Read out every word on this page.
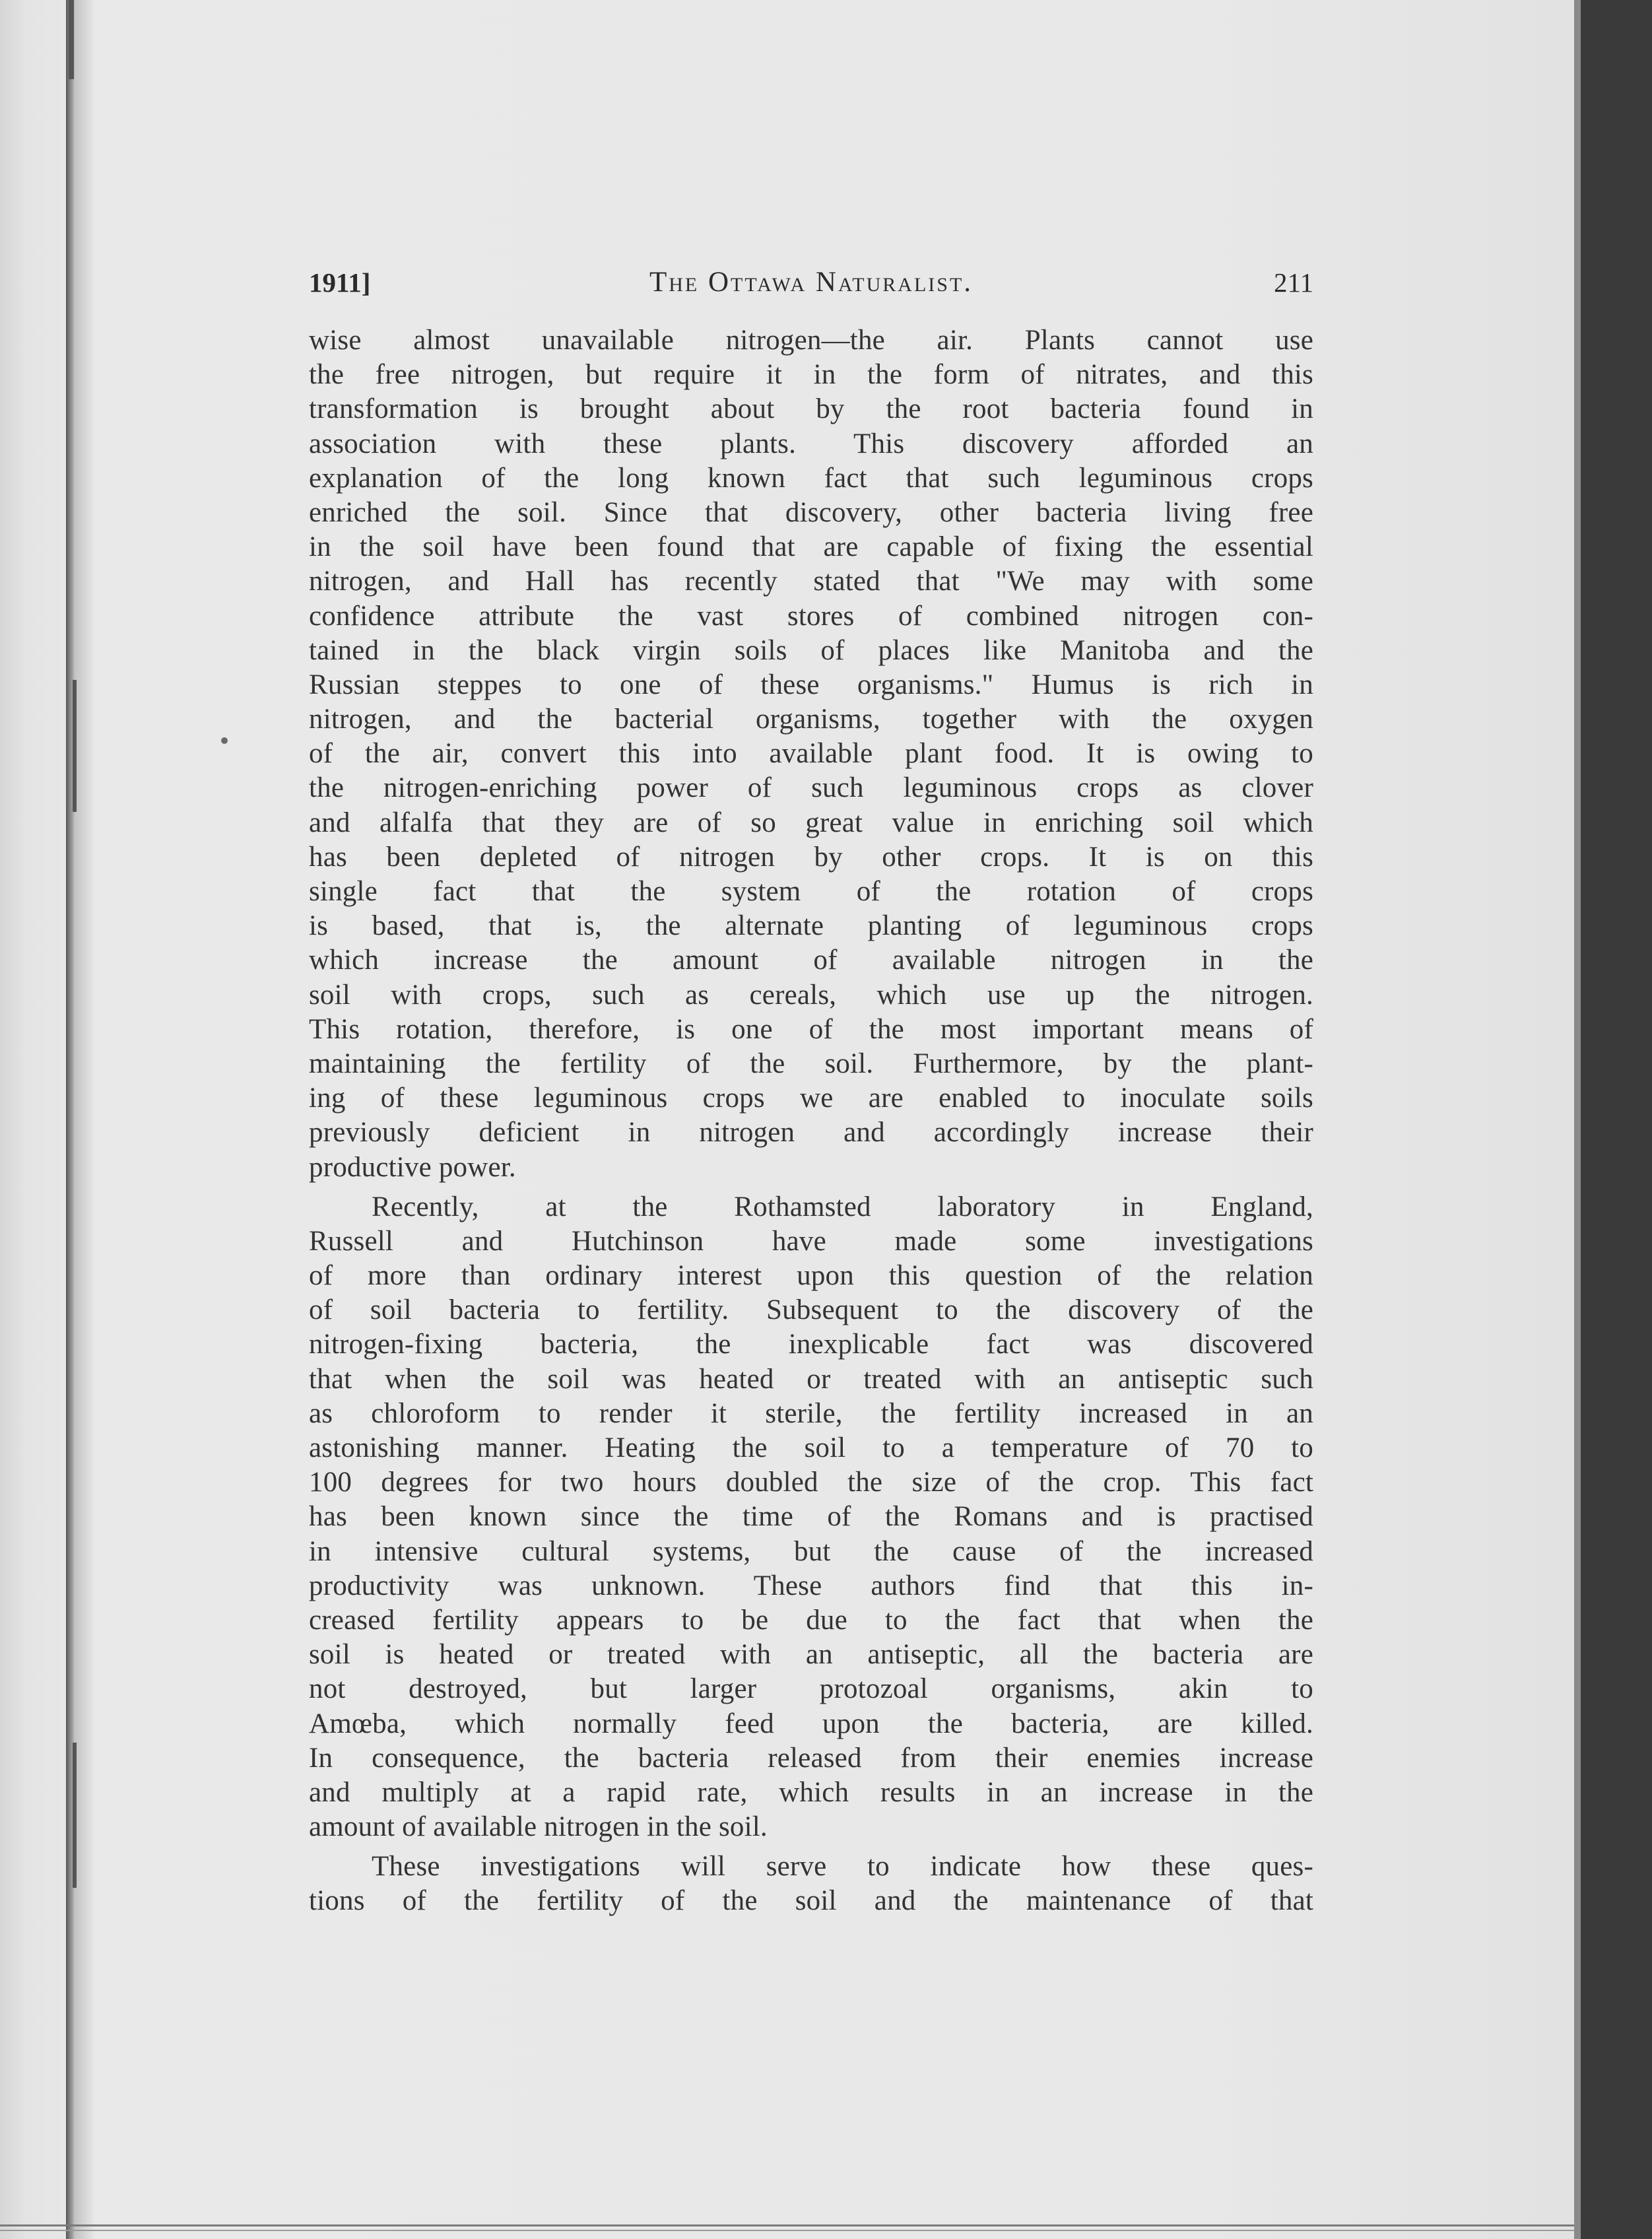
1911]	The Ottawa Naturalist.	211
wise almost unavailable nitrogen—the air. Plants cannot use
the free nitrogen, but require it in the form of nitrates, and this
transformation is brought about by the root bacteria found in
association with these plants. This discovery afforded an
explanation of the long known fact that such leguminous crops
enriched the soil. Since that discovery, other bacteria living free
in the soil have been found that are capable of fixing the essential
nitrogen, and Hall has recently stated that "We may with some
confidence attribute the vast stores of combined nitrogen con-
tained in the black virgin soils of places like Manitoba and the
Russian steppes to one of these organisms." Humus is rich in
nitrogen, and the bacterial organisms, together with the oxygen
of the air, convert this into available plant food. It is owing to
the nitrogen-enriching power of such leguminous crops as clover
and alfalfa that they are of so great value in enriching soil which
has been depleted of nitrogen by other crops. It is on this
single fact that the system of the rotation of crops
is based, that is, the alternate planting of leguminous crops
which increase the amount of available nitrogen in the
soil with crops, such as cereals, which use up the nitrogen.
This rotation, therefore, is one of the most important means of
maintaining the fertility of the soil. Furthermore, by the plant-
ing of these leguminous crops we are enabled to inoculate soils
previously deficient in nitrogen and accordingly increase their
productive power.
Recently, at the Rothamsted laboratory in England,
Russell and Hutchinson have made some investigations
of more than ordinary interest upon this question of the relation
of soil bacteria to fertility. Subsequent to the discovery of the
nitrogen-fixing bacteria, the inexplicable fact was discovered
that when the soil was heated or treated with an antiseptic such
as chloroform to render it sterile, the fertility increased in an
astonishing manner. Heating the soil to a temperature of 70 to
100 degrees for two hours doubled the size of the crop. This fact
has been known since the time of the Romans and is practised
in intensive cultural systems, but the cause of the increased
productivity was unknown. These authors find that this in-
creased fertility appears to be due to the fact that when the
soil is heated or treated with an antiseptic, all the bacteria are
not destroyed, but larger protozoal organisms, akin to
Amœba, which normally feed upon the bacteria, are killed.
In consequence, the bacteria released from their enemies increase
and multiply at a rapid rate, which results in an increase in the
amount of available nitrogen in the soil.
These investigations will serve to indicate how these ques-
tions of the fertility of the soil and the maintenance of that
